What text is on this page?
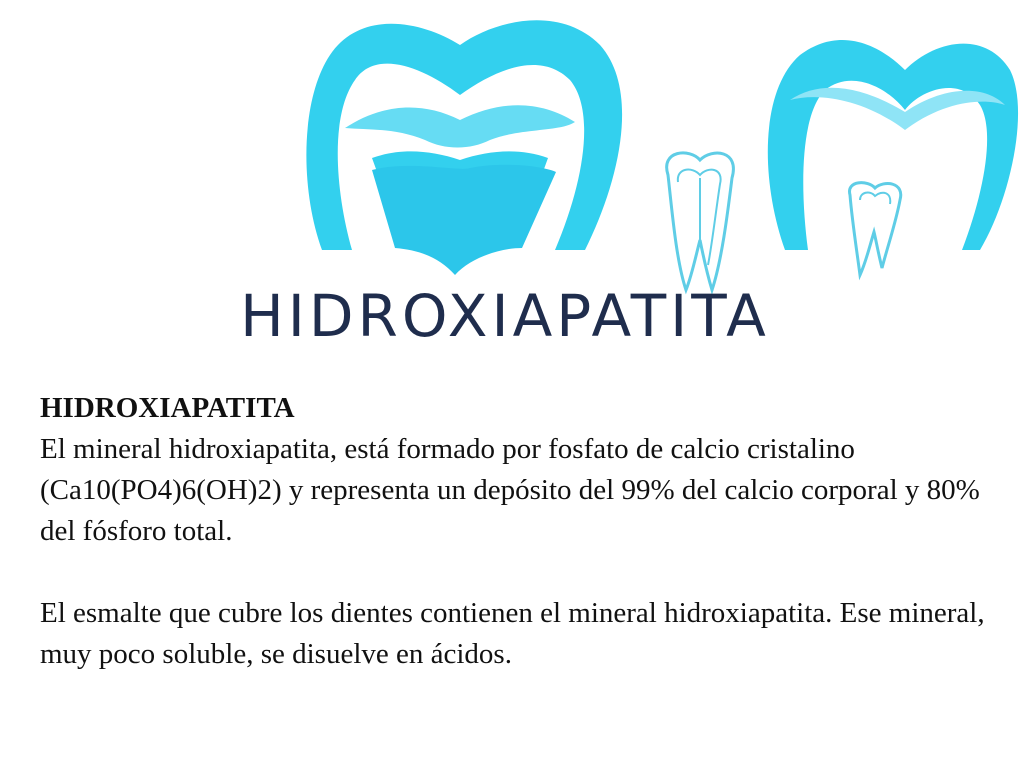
HIDROXIAPATITA
HIDROXIAPATITA

El mineral hidroxiapatita, está formado por fosfato de calcio cristalino (Ca10(PO4)6(OH)2) y representa un depósito del 99% del calcio corporal y 80% del fósforo total.

El esmalte que cubre los dientes contienen el mineral hidroxiapatita. Ese mineral, muy poco soluble, se disuelve en ácidos.
